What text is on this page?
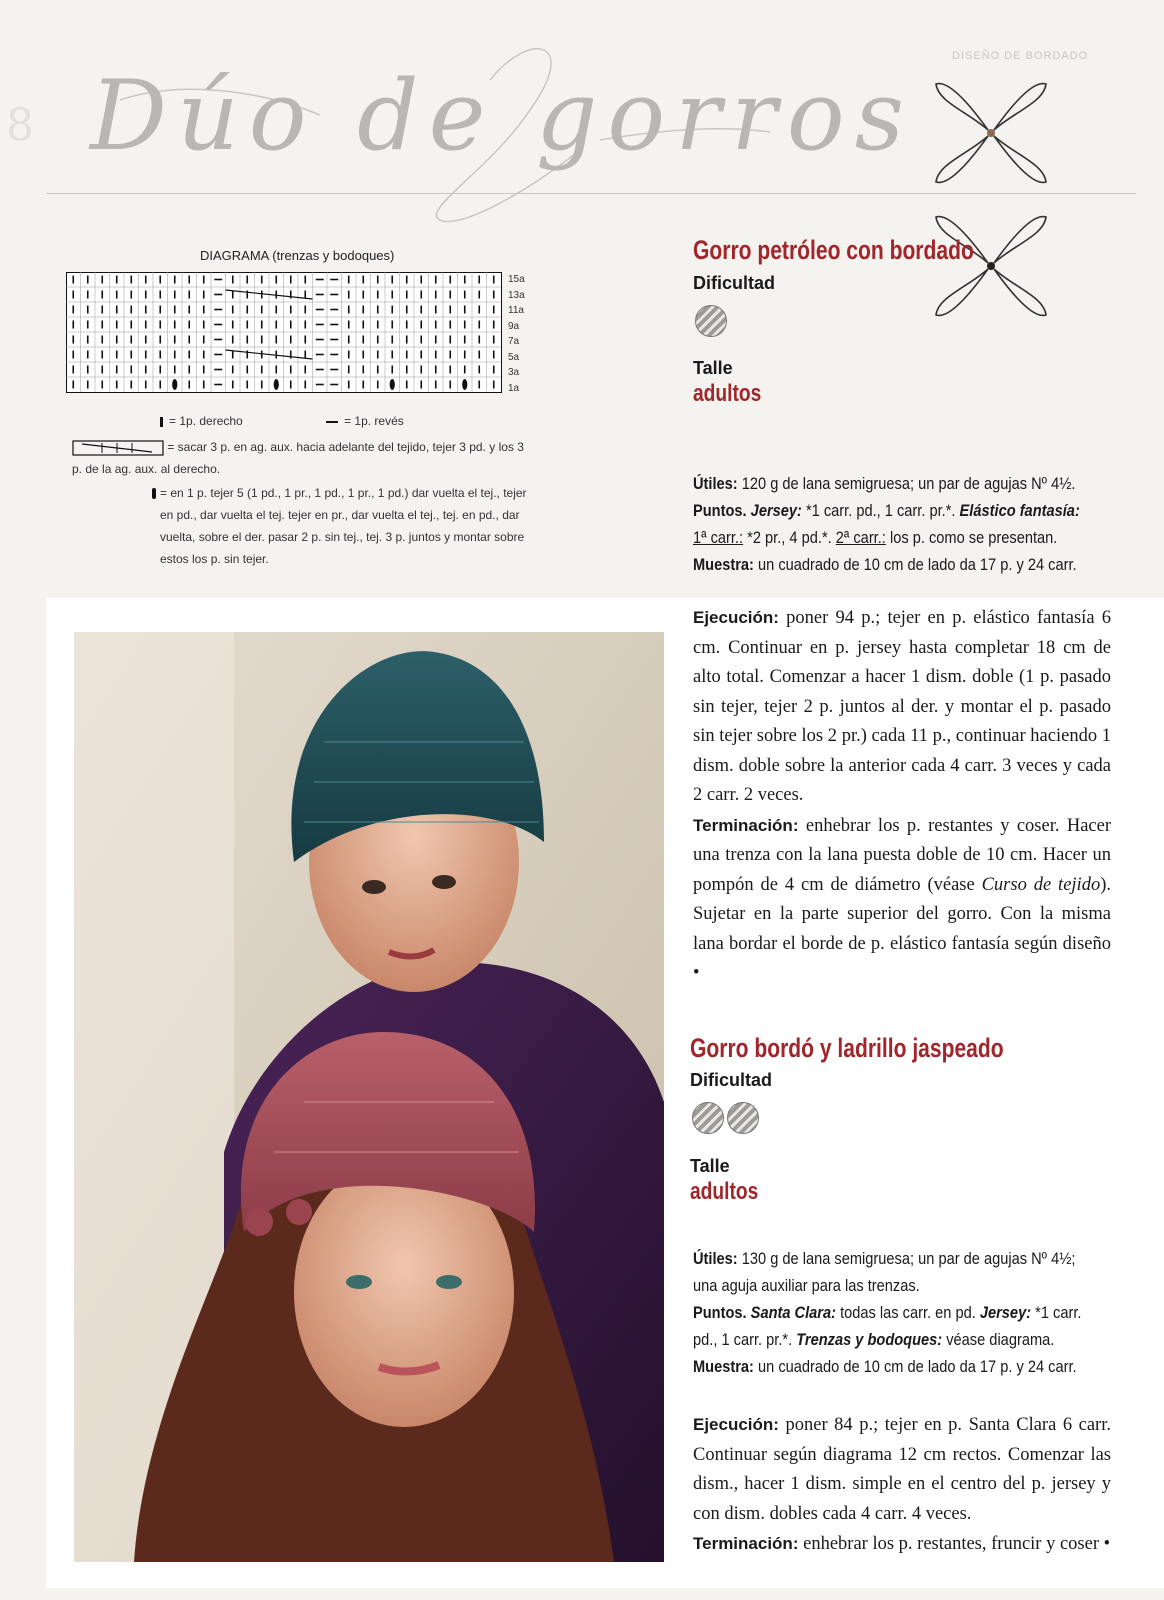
8 Dúo de gorros
DISEÑO DE BORDADO
DIAGRAMA (trenzas y bodoques)
15a
13a
11a
9a
7a
5a
3a
1a
= 1p. derecho	= 1p. revés
= sacar 3 p. en ag. aux. hacia adelante del tejido, tejer 3 pd. y los 3 p. de la ag. aux. al derecho.
= en 1 p. tejer 5 (1 pd., 1 pr., 1 pd., 1 pr., 1 pd.) dar vuelta el tej., tejer en pd., dar vuelta el tej. tejer en pr., dar vuelta el tej., tej. en pd., dar vuelta, sobre el der. pasar 2 p. sin tej., tej. 3 p. juntos y montar sobre estos los p. sin tejer.
Gorro petróleo con bordado
Dificultad
Talle
adultos
Útiles: 120 g de lana semigruesa; un par de agujas Nº 4½.
Puntos. Jersey: *1 carr. pd., 1 carr. pr.*. Elástico fantasía:
1ª carr.: *2 pr., 4 pd.*. 2ª carr.: los p. como se presentan.
Muestra: un cuadrado de 10 cm de lado da 17 p. y 24 carr.
Ejecución: poner 94 p.; tejer en p. elástico fantasía 6 cm. Continuar en p. jersey hasta completar 18 cm de alto total. Comenzar a hacer 1 dism. doble (1 p. pasado sin tejer, tejer 2 p. juntos al der. y montar el p. pasado sin tejer sobre los 2 pr.) cada 11 p., continuar haciendo 1 dism. doble sobre la anterior cada 4 carr. 3 veces y cada 2 carr. 2 veces.
Terminación: enhebrar los p. restantes y coser. Hacer una trenza con la lana puesta doble de 10 cm. Hacer un pompón de 4 cm de diámetro (véase Curso de tejido). Sujetar en la parte superior del gorro. Con la misma lana bordar el borde de p. elástico fantasía según diseño •
Gorro bordó y ladrillo jaspeado
Dificultad
Talle
adultos
Útiles: 130 g de lana semigruesa; un par de agujas Nº 4½; una aguja auxiliar para las trenzas.
Puntos. Santa Clara: todas las carr. en pd. Jersey: *1 carr. pd., 1 carr. pr.*. Trenzas y bodoques: véase diagrama.
Muestra: un cuadrado de 10 cm de lado da 17 p. y 24 carr.
Ejecución: poner 84 p.; tejer en p. Santa Clara 6 carr. Continuar según diagrama 12 cm rectos. Comenzar las dism., hacer 1 dism. simple en el centro del p. jersey y con dism. dobles cada 4 carr. 4 veces.
Terminación: enhebrar los p. restantes, fruncir y coser •
